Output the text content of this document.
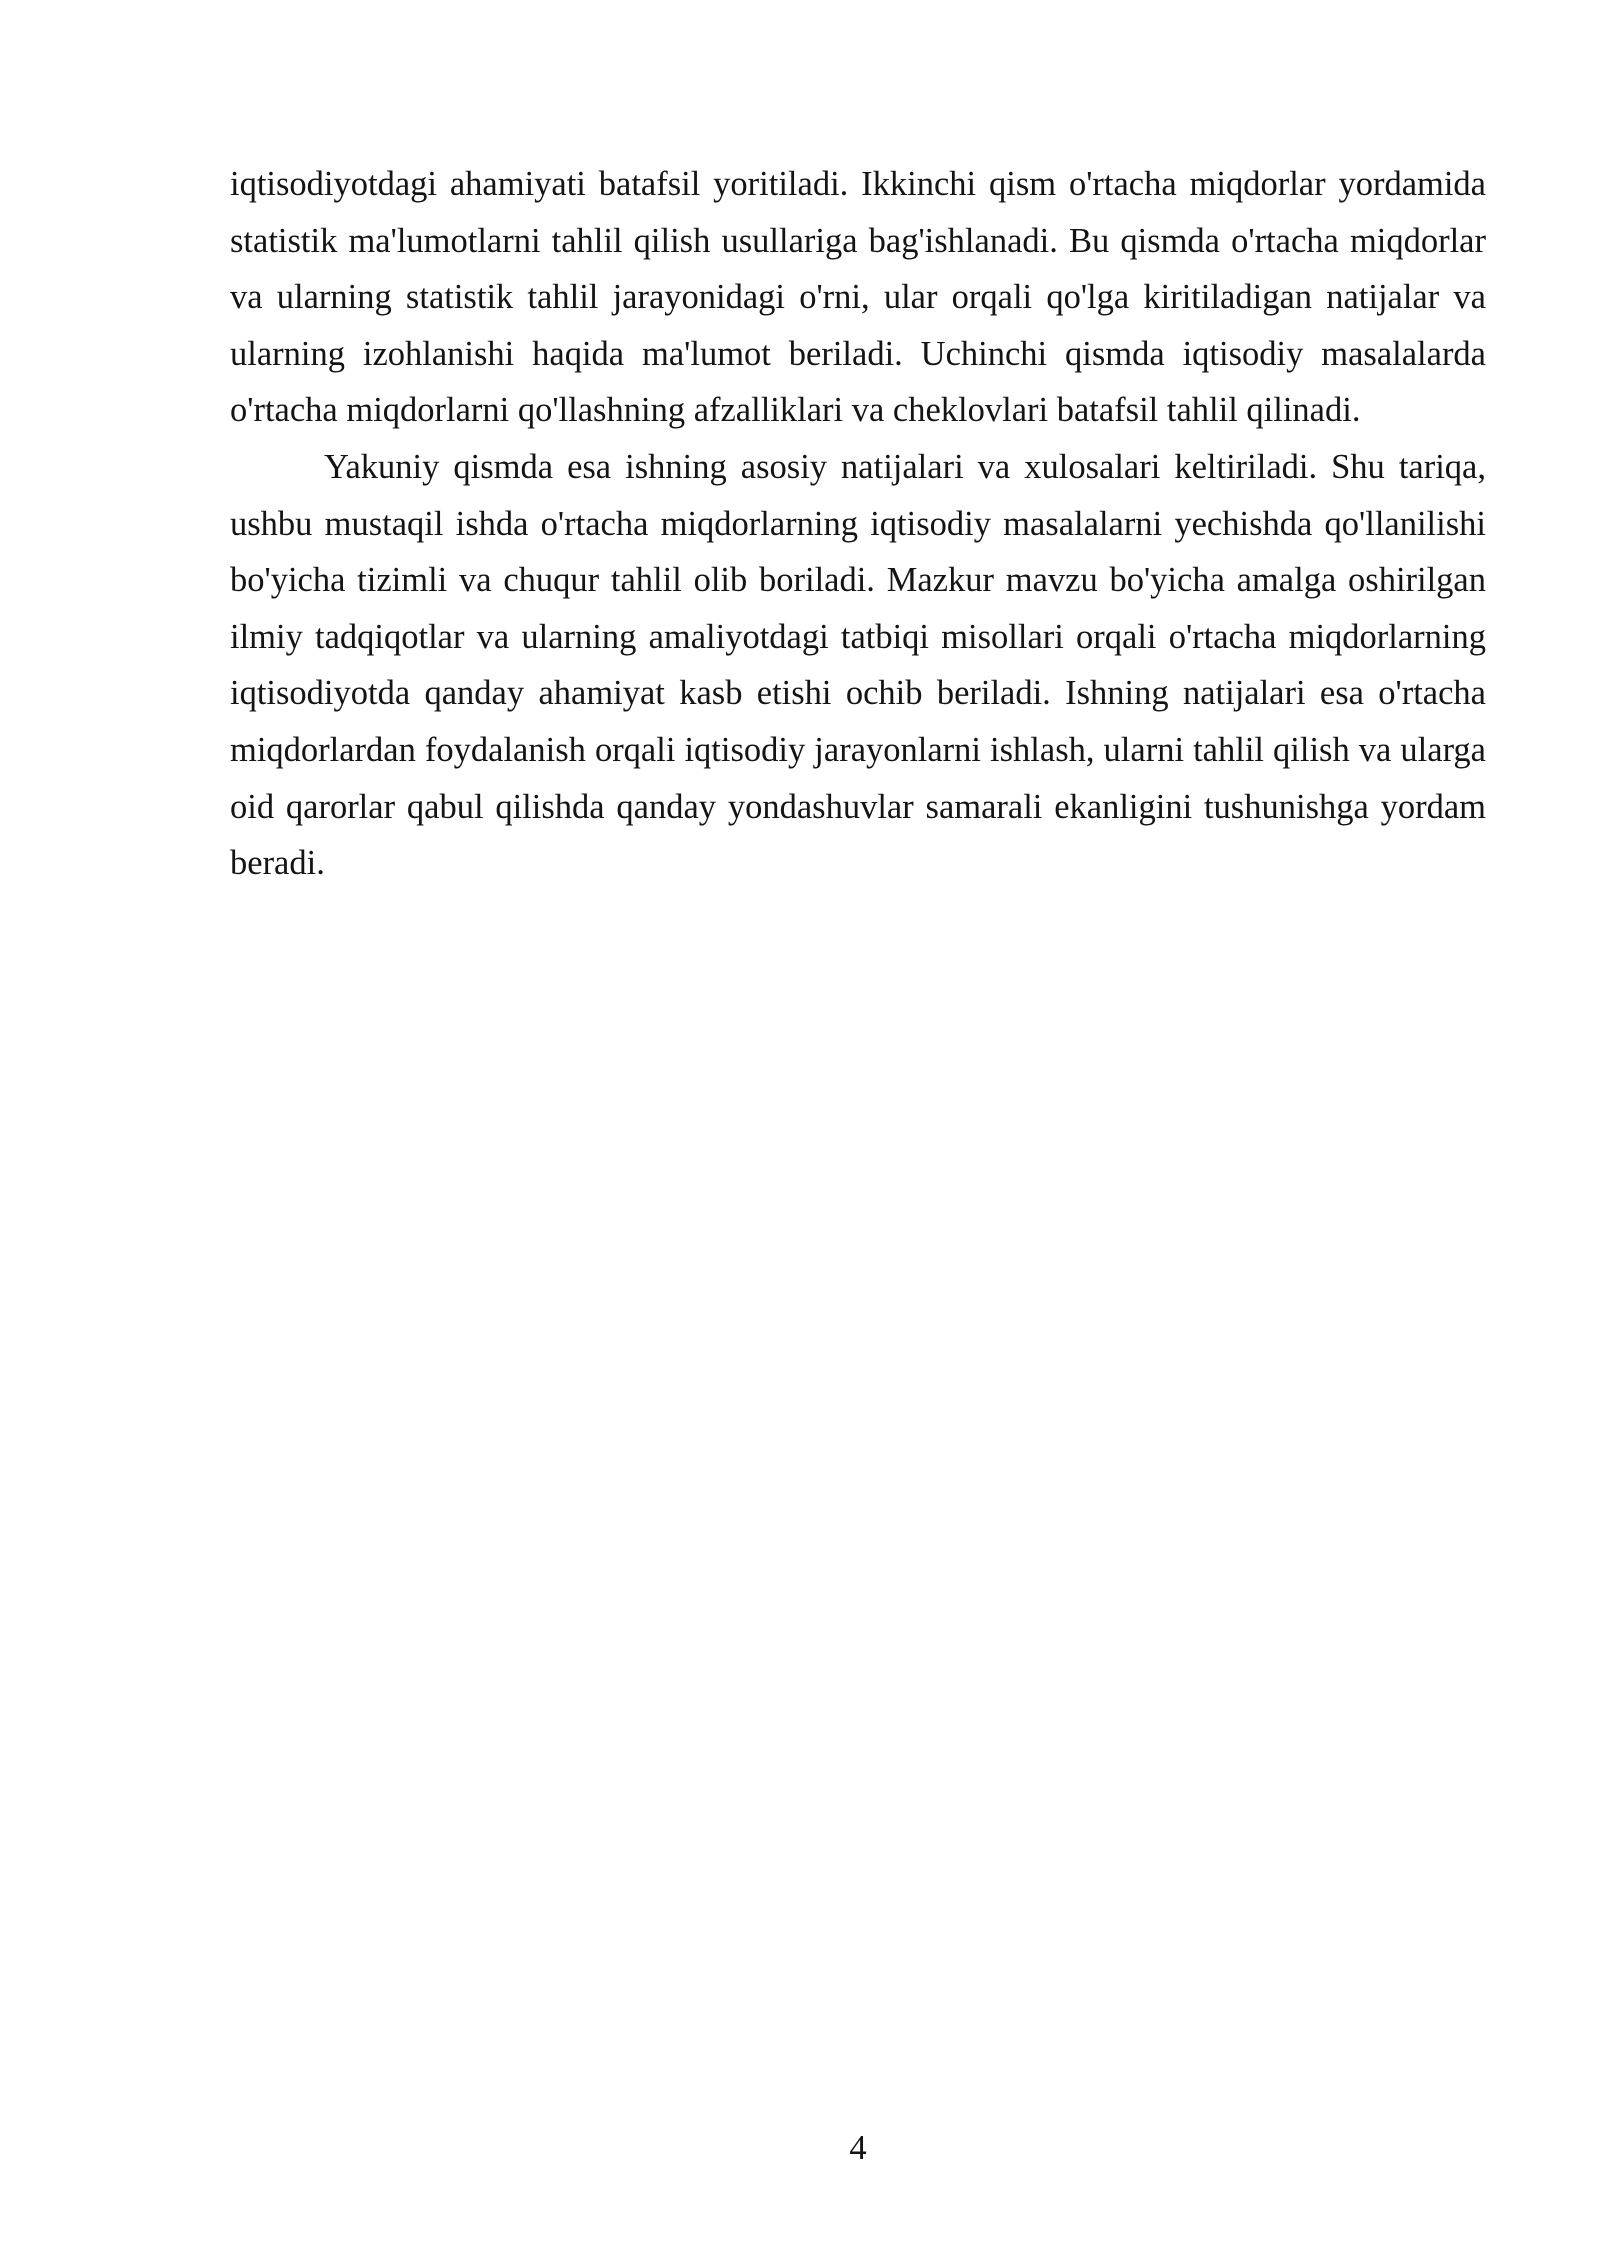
iqtisodiyotdagi ahamiyati batafsil yoritiladi. Ikkinchi qism o'rtacha miqdorlar yordamida statistik ma'lumotlarni tahlil qilish usullariga bag'ishlanadi. Bu qismda o'rtacha miqdorlar va ularning statistik tahlil jarayonidagi o'rni, ular orqali qo'lga kiritiladigan natijalar va ularning izohlanishi haqida ma'lumot beriladi. Uchinchi qismda iqtisodiy masalalarda o'rtacha miqdorlarni qo'llashning afzalliklari va cheklovlari batafsil tahlil qilinadi.

Yakuniy qismda esa ishning asosiy natijalari va xulosalari keltiriladi. Shu tariqa, ushbu mustaqil ishda o'rtacha miqdorlarning iqtisodiy masalalarni yechishda qo'llanilishi bo'yicha tizimli va chuqur tahlil olib boriladi. Mazkur mavzu bo'yicha amalga oshirilgan ilmiy tadqiqotlar va ularning amaliyotdagi tatbiqi misollari orqali o'rtacha miqdorlarning iqtisodiyotda qanday ahamiyat kasb etishi ochib beriladi. Ishning natijalari esa o'rtacha miqdorlardan foydalanish orqali iqtisodiy jarayonlarni ishlash, ularni tahlil qilish va ularga oid qarorlar qabul qilishda qanday yondashuvlar samarali ekanligini tushunishga yordam beradi.

4
